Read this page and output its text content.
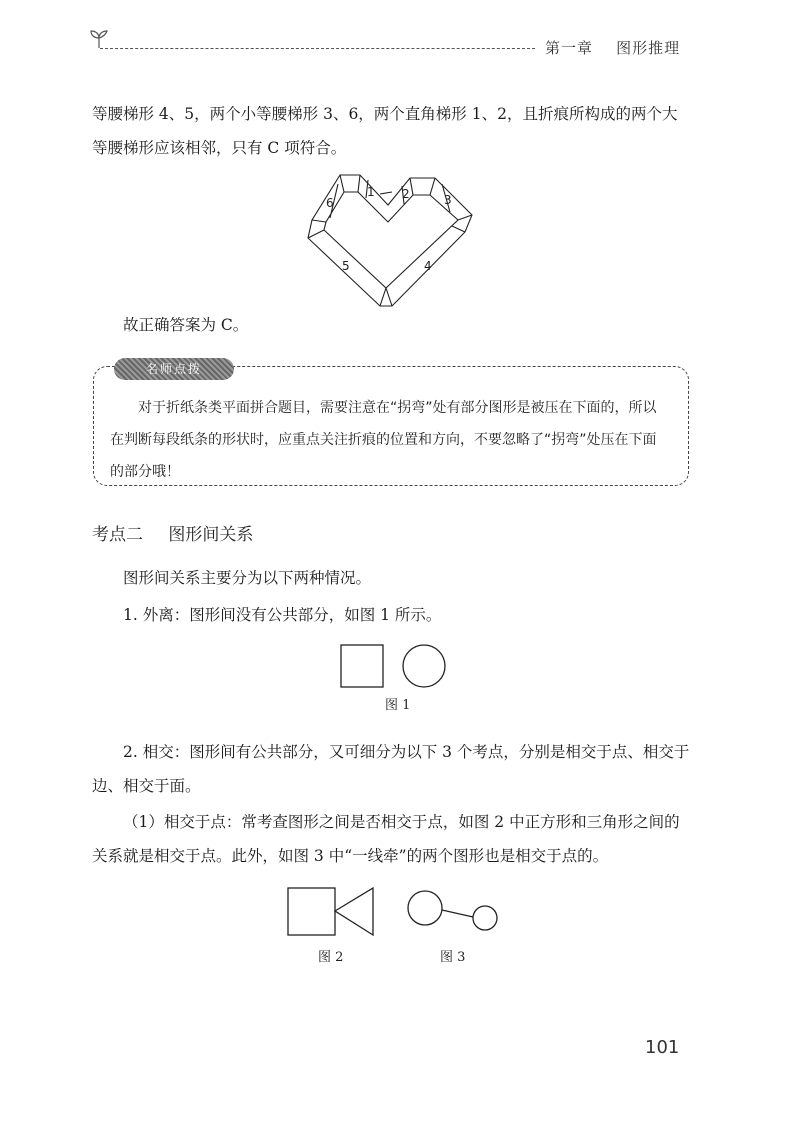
第一章 图形推理

等腰梯形 4、5，两个小等腰梯形 3、6，两个直角梯形 1、2，且折痕所构成的两个大等腰梯形应该相邻，只有 C 项符合。

1 2	3
4
5
6

故正确答案为 C。

名师点拨

对于折纸条类平面拼合题目，需要注意在“拐弯”处有部分图形是被压在下面的，所以在判断每段纸条的形状时，应重点关注折痕的位置和方向，不要忽略了“拐弯”处压在下面的部分哦！

考点二 图形间关系

图形间关系主要分为以下两种情况。

1. 外离：图形间没有公共部分，如图 1 所示。

图 1

2. 相交：图形间有公共部分，又可细分为以下 3 个考点，分别是相交于点、相交于边、相交于面。

（1）相交于点：常考查图形之间是否相交于点，如图 2 中正方形和三角形之间的关系就是相交于点。此外，如图 3 中“一线牵”的两个图形也是相交于点的。

图 2	图 3
101
